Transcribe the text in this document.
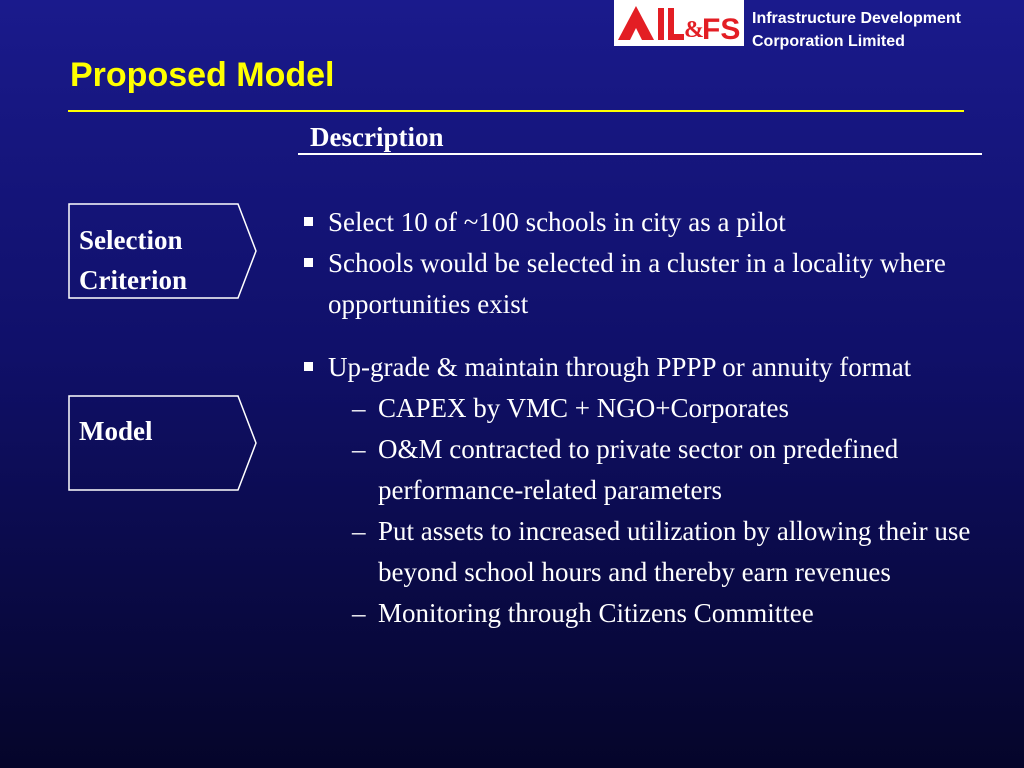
&
FS Infrastructure Development
Corporation Limited
Proposed Model
Description
Selection
Criterion
Model
Select 10 of ~100 schools in city as a pilot
Schools would be selected in a cluster in a locality where opportunities exist
Up-grade & maintain through PPPP or annuity format
– CAPEX by VMC + NGO+Corporates
– O&M contracted to private sector on predefined performance-related parameters
– Put assets to increased utilization by allowing their use beyond school hours and thereby earn revenues
– Monitoring through Citizens Committee
